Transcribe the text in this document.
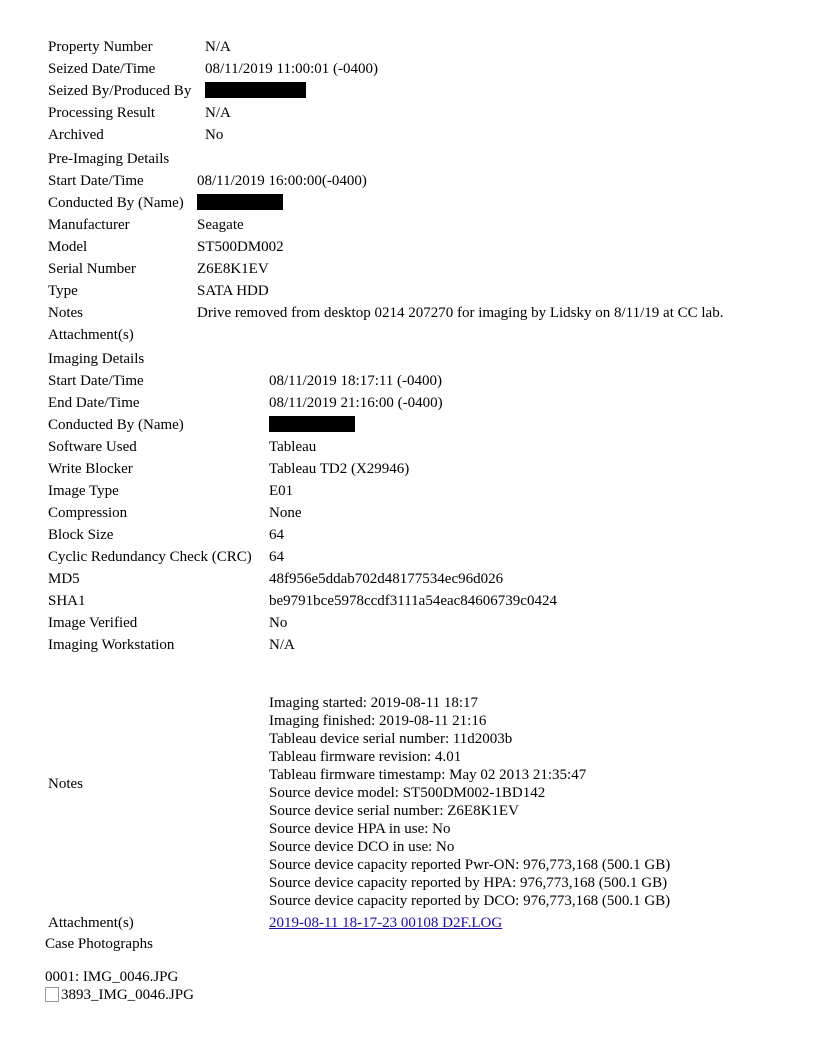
Property Number	N/A
Seized Date/Time	08/11/2019 11:00:01 (-0400)
Seized By/Produced By
Processing Result	N/A
Archived	No
Pre-Imaging Details
Start Date/Time	08/11/2019 16:00:00(-0400)
Conducted By (Name)
Manufacturer	Seagate
Model	ST500DM002
Serial Number	Z6E8K1EV
Type	SATA HDD
Notes	Drive removed from desktop 0214 207270 for imaging by Lidsky on 8/11/19 at CC lab.
Attachment(s)
Imaging Details
Start Date/Time	08/11/2019 18:17:11 (-0400)
End Date/Time	08/11/2019 21:16:00 (-0400)
Conducted By (Name)
Software Used	Tableau
Write Blocker	Tableau TD2 (X29946)
Image Type	E01
Compression	None
Block Size	64
Cyclic Redundancy Check (CRC) 64
MD5	48f956e5ddab702d48177534ec96d026
SHA1	be9791bce5978ccdf3111a54eac84606739c0424
Image Verified	No
Imaging Workstation	N/A
Notes
Imaging started: 2019-08-11 18:17
Imaging finished: 2019-08-11 21:16
Tableau device serial number: 11d2003b
Tableau firmware revision: 4.01
Tableau firmware timestamp: May 02 2013 21:35:47
Source device model: ST500DM002-1BD142
Source device serial number: Z6E8K1EV
Source device HPA in use: No
Source device DCO in use: No
Source device capacity reported Pwr-ON: 976,773,168 (500.1 GB)
Source device capacity reported by HPA: 976,773,168 (500.1 GB)
Source device capacity reported by DCO: 976,773,168 (500.1 GB)
Attachment(s)	2019-08-11 18-17-23 00108 D2F.LOG
Case Photographs
0001: IMG_0046.JPG
3893_IMG_0046.JPG
